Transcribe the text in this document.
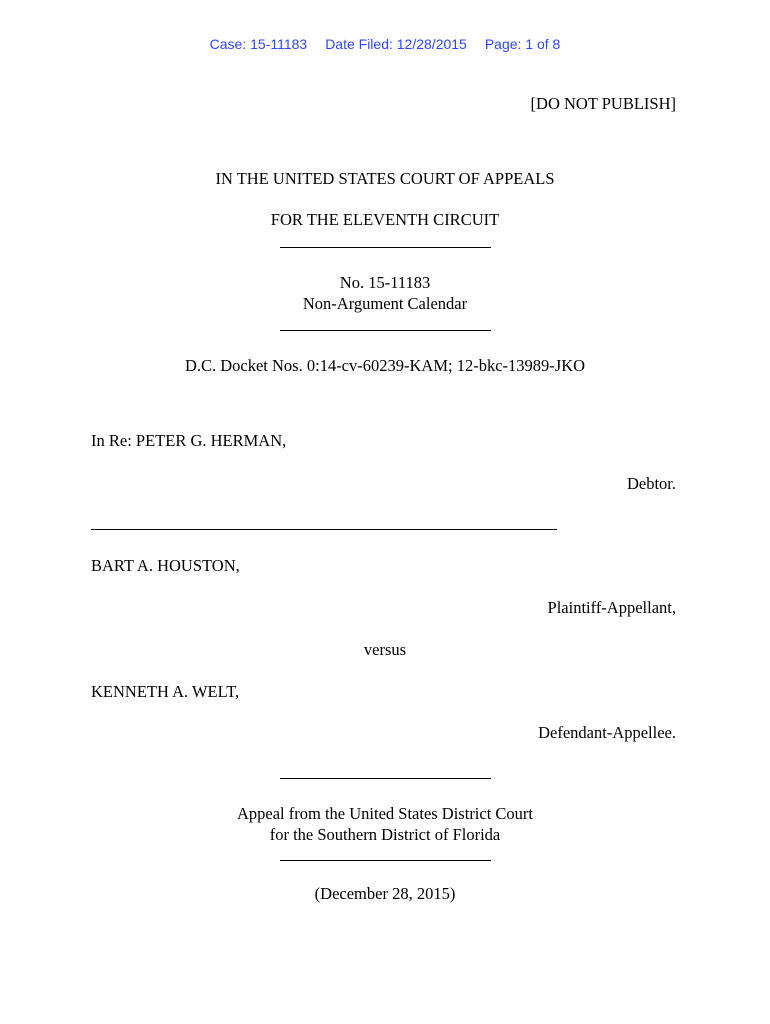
Case: 15-11183 Date Filed: 12/28/2015 Page: 1 of 8
[DO NOT PUBLISH]
IN THE UNITED STATES COURT OF APPEALS
FOR THE ELEVENTH CIRCUIT
No. 15-11183
Non-Argument Calendar
D.C. Docket Nos. 0:14-cv-60239-KAM; 12-bkc-13989-JKO
In Re: PETER G. HERMAN,
Debtor.
BART A. HOUSTON,
Plaintiff-Appellant,
versus
KENNETH A. WELT,
Defendant-Appellee.
Appeal from the United States District Court
for the Southern District of Florida
(December 28, 2015)
